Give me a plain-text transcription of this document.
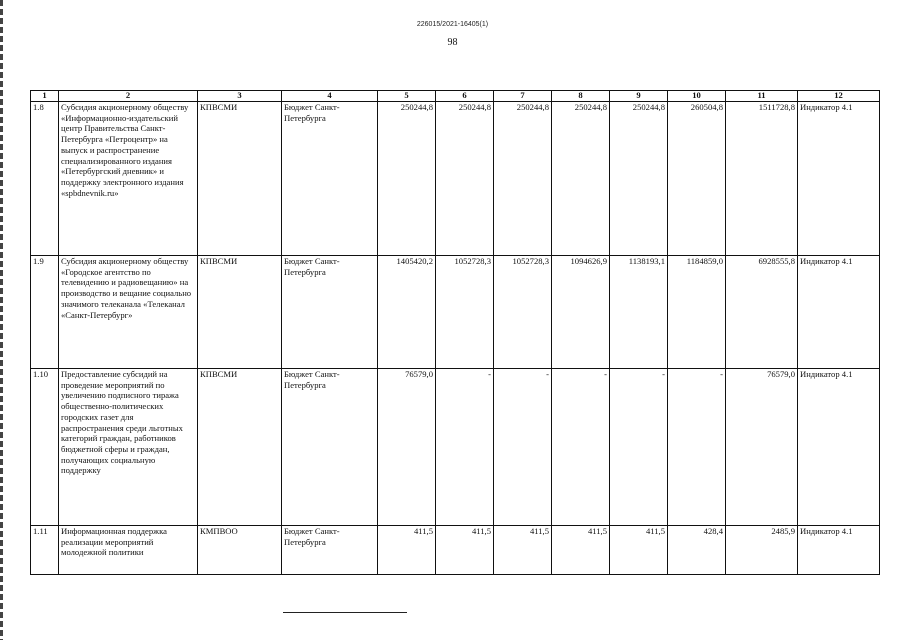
226015/2021-16405(1)
98
1	2	3	4	5	6	7	8	9	10	11	12
1.8	Субсидия акционерному обществу «Информационно-издательский центр Правительства Санкт-Петербурга «Петроцентр» на выпуск и распространение специализированного издания «Петербургский дневник» и поддержку электронного издания «spbdnevnik.ru»	КПВСМИ	Бюджет Санкт-Петербурга	250244,8	250244,8	250244,8	250244,8	250244,8	260504,8	1511728,8	Индикатор 4.1
1.9	Субсидия акционерному обществу «Городское агентство по телевидению и радиовещанию» на производство и вещание социально значимого телеканала «Телеканал «Санкт-Петербург»	КПВСМИ	Бюджет Санкт-Петербурга	1405420,2	1052728,3	1052728,3	1094626,9	1138193,1	1184859,0	6928555,8	Индикатор 4.1
1.10	Предоставление субсидий на проведение мероприятий по увеличению подписного тиража общественно-политических городских газет для распространения среди льготных категорий граждан, работников бюджетной сферы и граждан, получающих социальную поддержку	КПВСМИ	Бюджет Санкт-Петербурга	76579,0	-	-	-	-	-	76579,0	Индикатор 4.1
1.11	Информационная поддержка реализации мероприятий молодежной политики	КМПВОО	Бюджет Санкт-Петербурга	411,5	411,5	411,5	411,5	411,5	428,4	2485,9	Индикатор 4.1
